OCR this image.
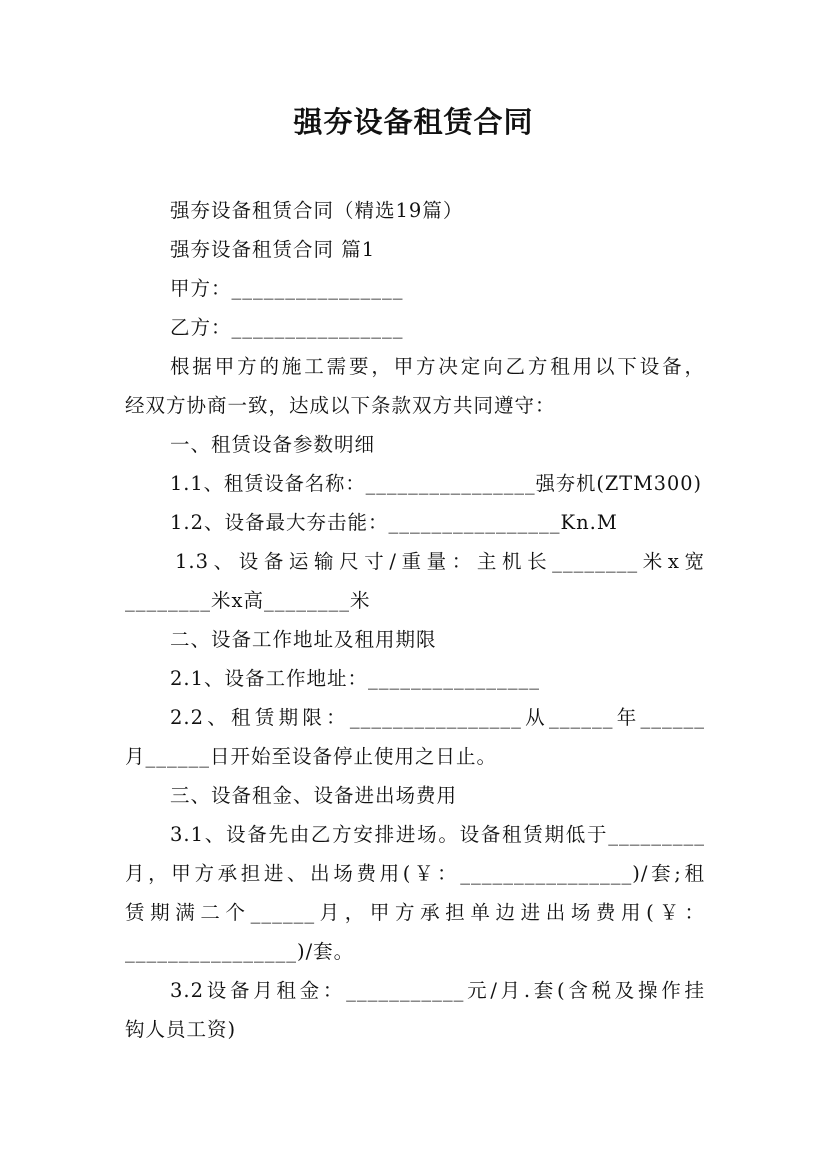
强夯设备租赁合同
强夯设备租赁合同（精选19篇）
强夯设备租赁合同 篇1
甲方：________________
乙方：________________
根据甲方的施工需要，甲方决定向乙方租用以下设备，
经双方协商一致，达成以下条款双方共同遵守：
一、租赁设备参数明细
1.1、租赁设备名称：________________强夯机(ZTM300)
1.2、设备最大夯击能：________________Kn.M
1.3、设备运输尺寸/重量：主机长________米x宽
________米x高________米
二、设备工作地址及租用期限
2.1、设备工作地址：________________
2.2、租赁期限：________________从______年______
月______日开始至设备停止使用之日止。
三、设备租金、设备进出场费用
3.1、设备先由乙方安排进场。设备租赁期低于_________
月，甲方承担进、出场费用(￥：________________)/套;租
赁期满二个______月，甲方承担单边进出场费用(￥：
________________)/套。
3.2设备月租金：___________元/月.套(含税及操作挂
钩人员工资)
